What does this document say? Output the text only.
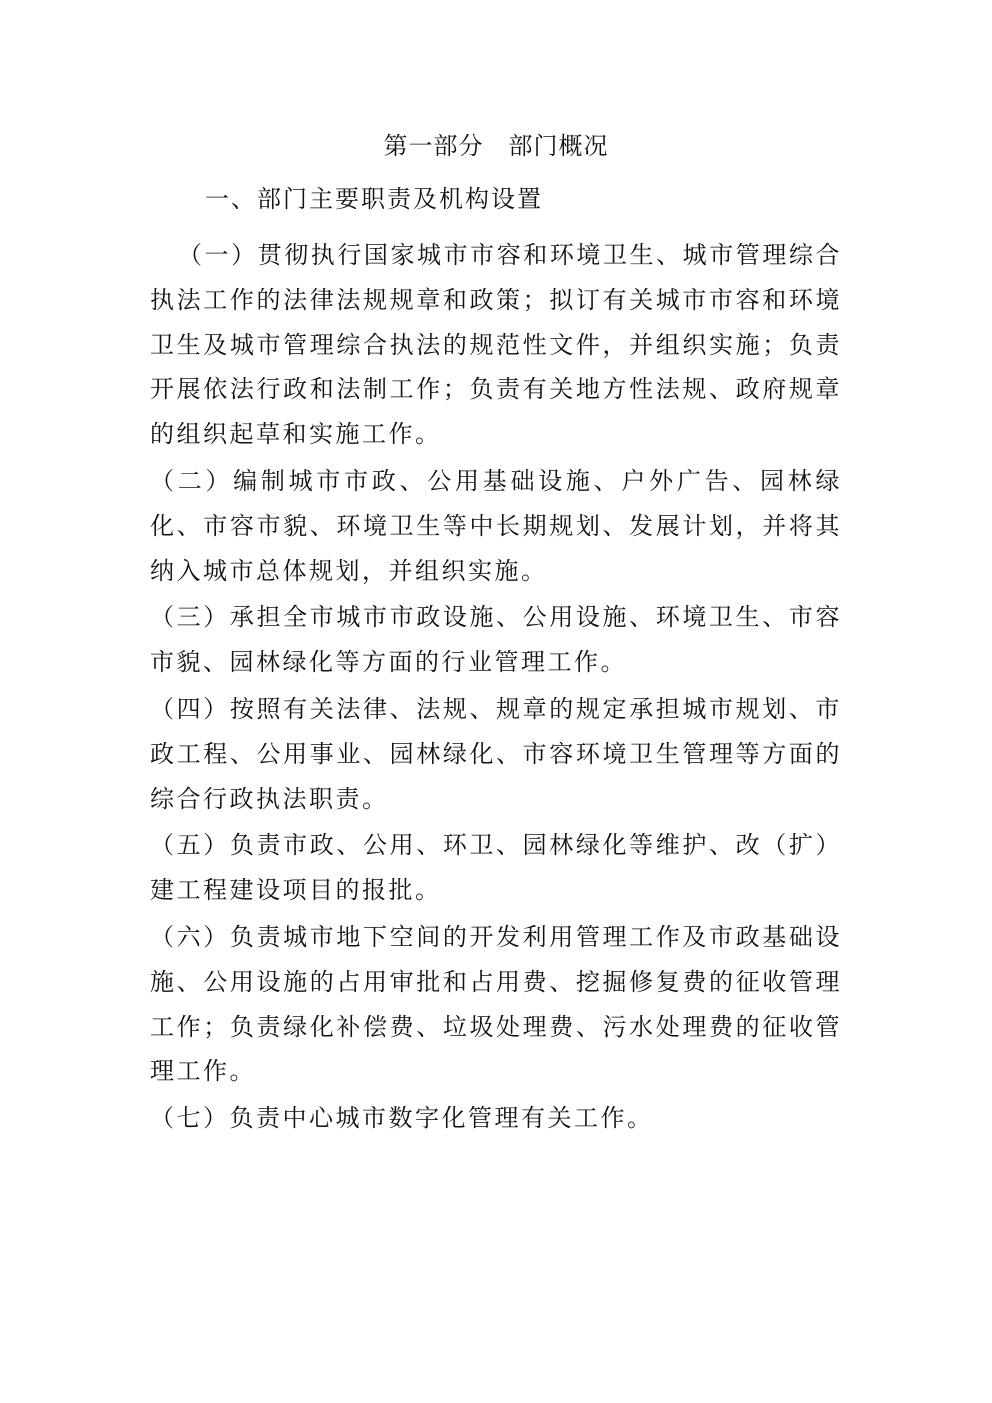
第一部分　部门概况
一、部门主要职责及机构设置

（一）贯彻执行国家城市市容和环境卫生、城市管理综合执法工作的法律法规规章和政策；拟订有关城市市容和环境卫生及城市管理综合执法的规范性文件，并组织实施；负责开展依法行政和法制工作；负责有关地方性法规、政府规章的组织起草和实施工作。

（二）编制城市市政、公用基础设施、户外广告、园林绿化、市容市貌、环境卫生等中长期规划、发展计划，并将其纳入城市总体规划，并组织实施。

（三）承担全市城市市政设施、公用设施、环境卫生、市容市貌、园林绿化等方面的行业管理工作。

（四）按照有关法律、法规、规章的规定承担城市规划、市政工程、公用事业、园林绿化、市容环境卫生管理等方面的综合行政执法职责。

（五）负责市政、公用、环卫、园林绿化等维护、改（扩）建工程建设项目的报批。

（六）负责城市地下空间的开发利用管理工作及市政基础设施、公用设施的占用审批和占用费、挖掘修复费的征收管理工作；负责绿化补偿费、垃圾处理费、污水处理费的征收管理工作。

（七）负责中心城市数字化管理有关工作。
